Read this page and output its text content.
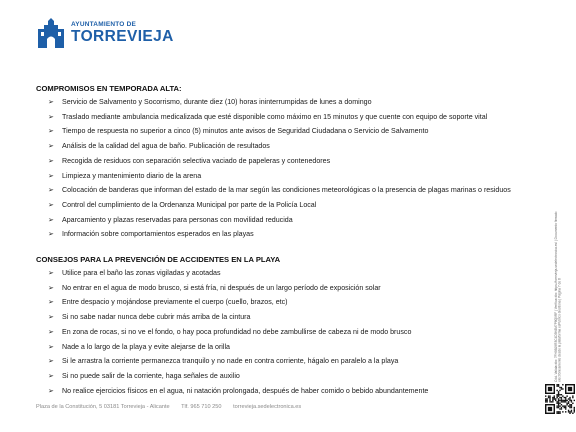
AYUNTAMIENTO DE
TORREVIEJA
COMPROMISOS EN TEMPORADA ALTA:
➢ Servicio de Salvamento y Socorrismo, durante diez (10) horas ininterrumpidas de lunes a domingo
➢ Traslado mediante ambulancia medicalizada que esté disponible como máximo en 15 minutos y que cuente con equipo de soporte vital
➢ Tiempo de respuesta no superior a cinco (5) minutos ante avisos de Seguridad Ciudadana o Servicio de Salvamento
➢ Análisis de la calidad del agua de baño. Publicación de resultados
➢ Recogida de residuos con separación selectiva vaciado de papeleras y contenedores
➢ Limpieza y mantenimiento diario de la arena
➢ Colocación de banderas que informan del estado de la mar según las condiciones meteorológicas o la presencia de plagas marinas o residuos
➢ Control del cumplimiento de la Ordenanza Municipal por parte de la Policía Local
➢ Aparcamiento y plazas reservadas para personas con movilidad reducida
➢ Información sobre comportamientos esperados en las playas
CONSEJOS PARA LA PREVENCIÓN DE ACCIDENTES EN LA PLAYA
➢ Utilice para el baño las zonas vigiladas y acotadas
➢ No entrar en el agua de modo brusco, si está fría, ni después de un largo período de exposición solar
➢ Entre despacio y mojándose previamente el cuerpo (cuello, brazos, etc)
➢ Si no sabe nadar nunca debe cubrir más arriba de la cintura
➢ En zona de rocas, si no ve el fondo, o hay poca profundidad no debe zambullirse de cabeza ni de modo brusco
➢ Nade a lo largo de la playa y evite alejarse de la orilla
➢ Si le arrastra la corriente permanezca tranquilo y no nade en contra corriente, hágalo en paralelo a la playa
➢ Si no puede salir de la corriente, haga señales de auxilio
➢ No realice ejercicios físicos en el agua, ni natación prolongada, después de haber comido o bebido abundantemente
Plaza de la Constitución, 5 03181 Torrevieja - Alicante Tlf. 965 710 250 torrevieja.sedelectronica.es
Cód. Validación: 7FH9BJ9R3C4D5K6M7P8Q9RF | Verificación: https://torrevieja.sedelectronica.es/ | Documento firmado electrónicamente desde la plataforma esPublico Gestiona | Página 7 de 8
